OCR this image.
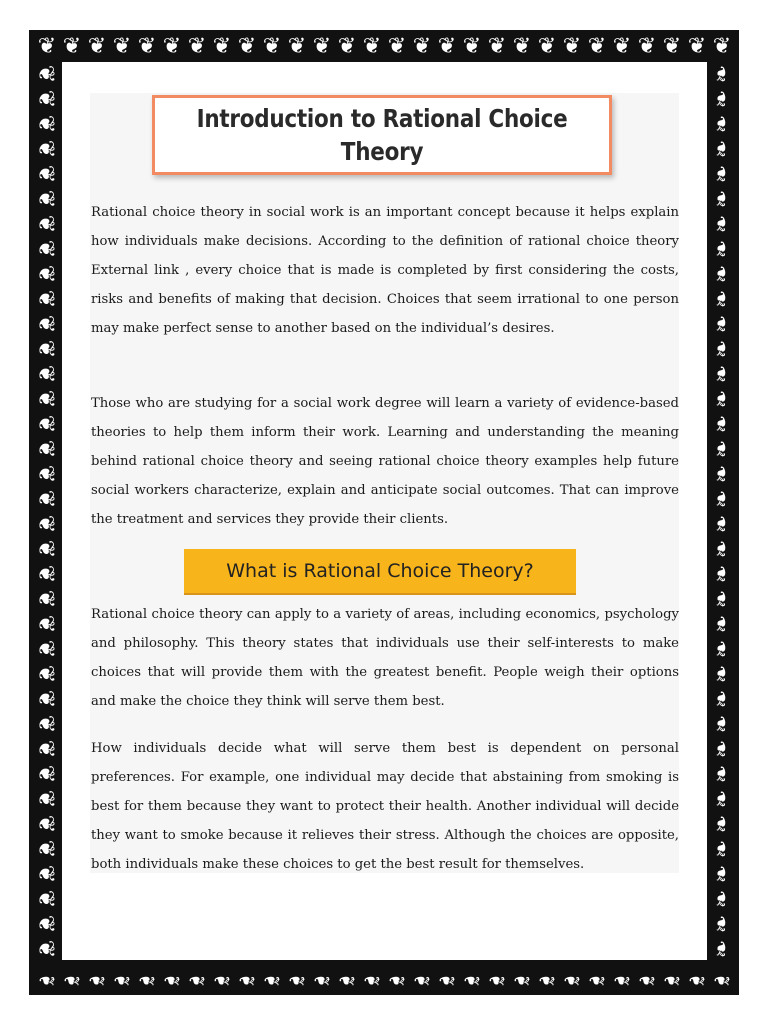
❦
❧
❦
❧
❦
❧
❦
❧
❦
❧
❦
❧
❦
❧
❦
❧
❦
❧
❦
❧
❦
❧
❦
❧
❦
❧
❦
❧
❦
❧
❦
❧
❦
❧
❦
❧
❦
❧
❦
❧
❦
❧
❦
❧
❦
❧
❦
❧
❦
❧
❦
❧
❦
❧
❦
❧
❦	❧
❦	❧
❦	❧
❦	❧
❦	❧
❦	❧
❦	❧
❦	❧
❦	❧
❦	❧
❦	❧
❦	❧
❦	❧
❦	❧
❦	❧
❦	❧
❦	❧
❦	❧
❦	❧
❦	❧
❦	❧
❦	❧
❦	❧
❦	❧
❦	❧
❦	❧
❦	❧
❦	❧
❦	❧
❦	❧
❦	❧
❦	❧
❦	❧
❦	❧
❦	❧
❦	❧
Introduction to Rational Choice Theory

Rational choice theory in social work is an important concept because it helps explain how individuals make decisions. According to the definition of rational choice theory External link , every choice that is made is completed by first considering the costs, risks and benefits of making that decision. Choices that seem irrational to one person may make perfect sense to another based on the individual’s desires.

Those who are studying for a social work degree will learn a variety of evidence-based theories to help them inform their work. Learning and understanding the meaning behind rational choice theory and seeing rational choice theory examples help future social workers characterize, explain and anticipate social outcomes. That can improve the treatment and services they provide their clients.

What is Rational Choice Theory?

Rational choice theory can apply to a variety of areas, including economics, psychology and philosophy. This theory states that individuals use their self-interests to make choices that will provide them with the greatest benefit. People weigh their options and make the choice they think will serve them best.

How individuals decide what will serve them best is dependent on personal preferences. For example, one individual may decide that abstaining from smoking is best for them because they want to protect their health. Another individual will decide they want to smoke because it relieves their stress. Although the choices are opposite, both individuals make these choices to get the best result for themselves.
